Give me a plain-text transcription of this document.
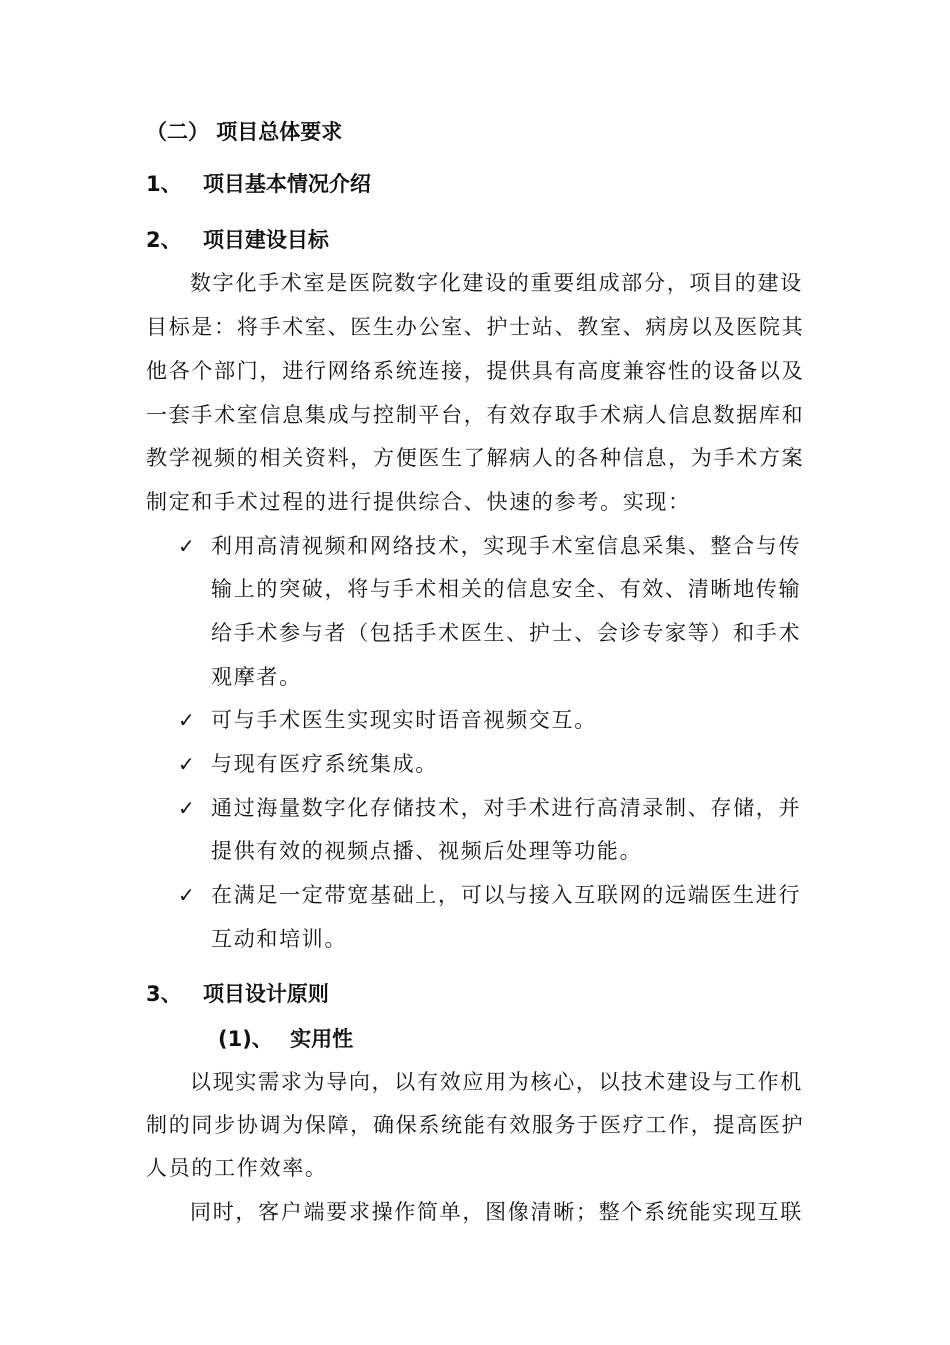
（二） 项目总体要求
1、 项目基本情况介绍
2、 项目建设目标
数字化手术室是医院数字化建设的重要组成部分，项目的建设
目标是：将手术室、医生办公室、护士站、教室、病房以及医院其
他各个部门，进行网络系统连接，提供具有高度兼容性的设备以及
一套手术室信息集成与控制平台，有效存取手术病人信息数据库和
教学视频的相关资料，方便医生了解病人的各种信息，为手术方案
制定和手术过程的进行提供综合、快速的参考。实现：
✓ 利用高清视频和网络技术，实现手术室信息采集、整合与传
输上的突破，将与手术相关的信息安全、有效、清晰地传输
给手术参与者（包括手术医生、护士、会诊专家等）和手术
观摩者。
✓ 可与手术医生实现实时语音视频交互。
✓ 与现有医疗系统集成。
✓ 通过海量数字化存储技术，对手术进行高清录制、存储，并
提供有效的视频点播、视频后处理等功能。
✓ 在满足一定带宽基础上，可以与接入互联网的远端医生进行
互动和培训。
3、 项目设计原则
(1)、 实用性
以现实需求为导向，以有效应用为核心，以技术建设与工作机
制的同步协调为保障，确保系统能有效服务于医疗工作，提高医护
人员的工作效率。
同时，客户端要求操作简单，图像清晰；整个系统能实现互联
